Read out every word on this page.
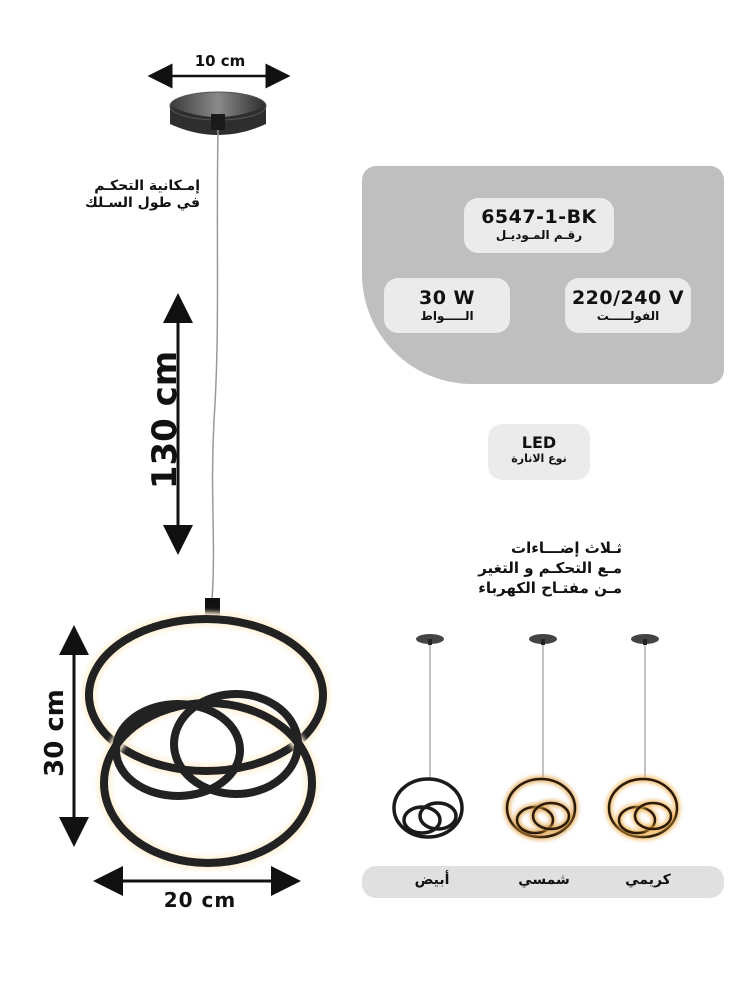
10 cm
130 cm
30 cm
20 cm
إمـكانية التحكـم
في طول السـلك
6547-1-BK
رقـم المـوديـل
30 W
الـــــواط
220/240 V
الفولـــــت
LED
نوع الانارة
ثـلاث إضـــاءات
مـع التحكـم و التغير
مـن مفتـاح الكهرباء
أبيض	شمسي	كريمي
